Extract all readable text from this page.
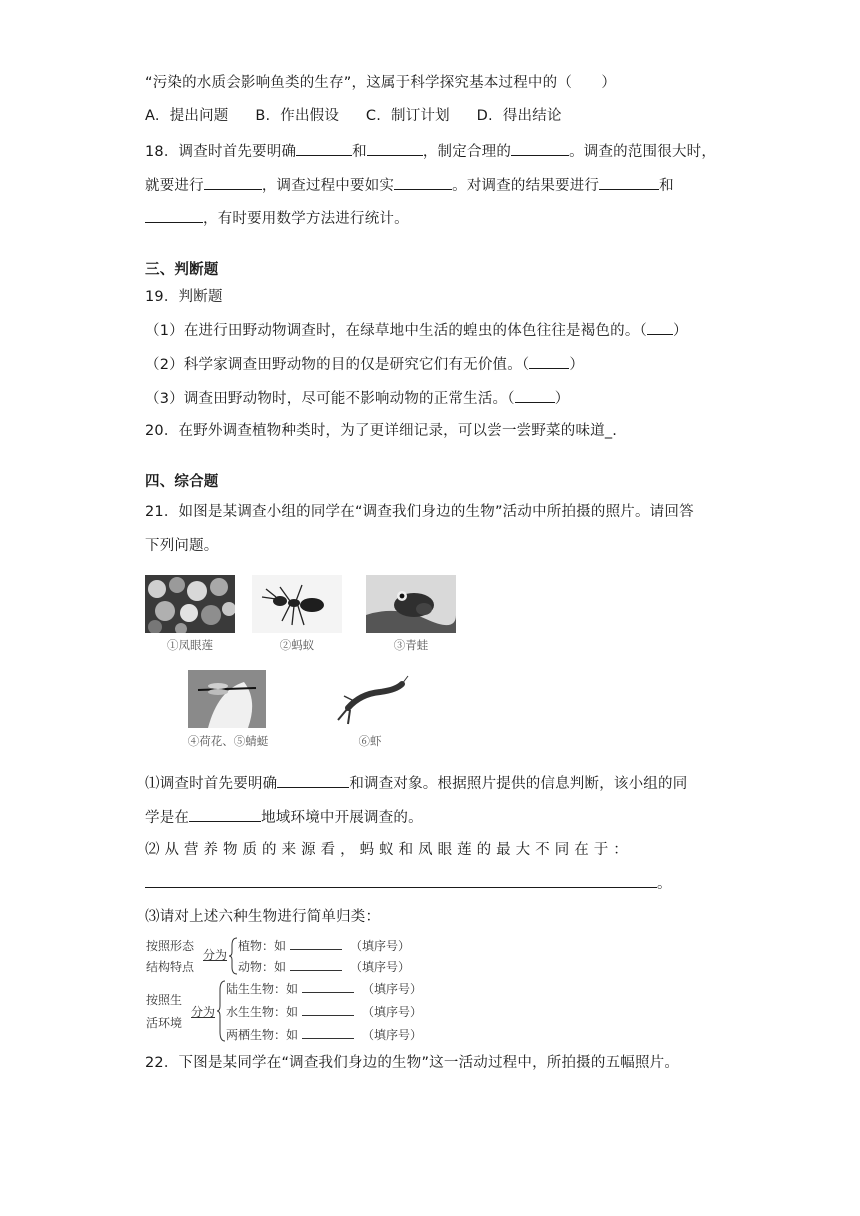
“污染的水质会影响鱼类的生存”，这属于科学探究基本过程中的（　　）
A. 提出问题 B. 作出假设 C. 制订计划 D. 得出结论
18．调查时首先要明确	和	，制定合理的	。调查的范围很大时，
就要进行	，调查过程中要如实	。对调查的结果要进行	和
，有时要用数学方法进行统计。
三、判断题
19．判断题
（1）在进行田野动物调查时，在绿草地中生活的蝗虫的体色往往是褐色的。（ ）
（2）科学家调查田野动物的目的仅是研究它们有无价值。（	）
（3）调查田野动物时，尽可能不影响动物的正常生活。（	）
20．在野外调查植物种类时，为了更详细记录，可以尝一尝野菜的味道_.
四、综合题
21．如图是某调查小组的同学在“调查我们身边的生物”活动中所拍摄的照片。请回答
下列问题。
①凤眼莲	②蚂蚁	③青蛙
④荷花、⑤蜻蜓	⑥虾
⑴调查时首先要明确	和调查对象。根据照片提供的信息判断，该小组的同
学是在	地域环境中开展调查的。
⑵ 从 营 养 物 质 的 来 源 看 ， 蚂 蚁 和 凤 眼 莲 的 最 大 不 同 在 于 ：
。
⑶请对上述六种生物进行简单归类：
按照形态
结构特点
分为
植物：如	（填序号）
动物：如	（填序号）
按照生
活环境
分为
陆生生物：如	（填序号）
水生生物：如	（填序号）
两栖生物：如	（填序号）
22．下图是某同学在“调查我们身边的生物”这一活动过程中，所拍摄的五幅照片。
